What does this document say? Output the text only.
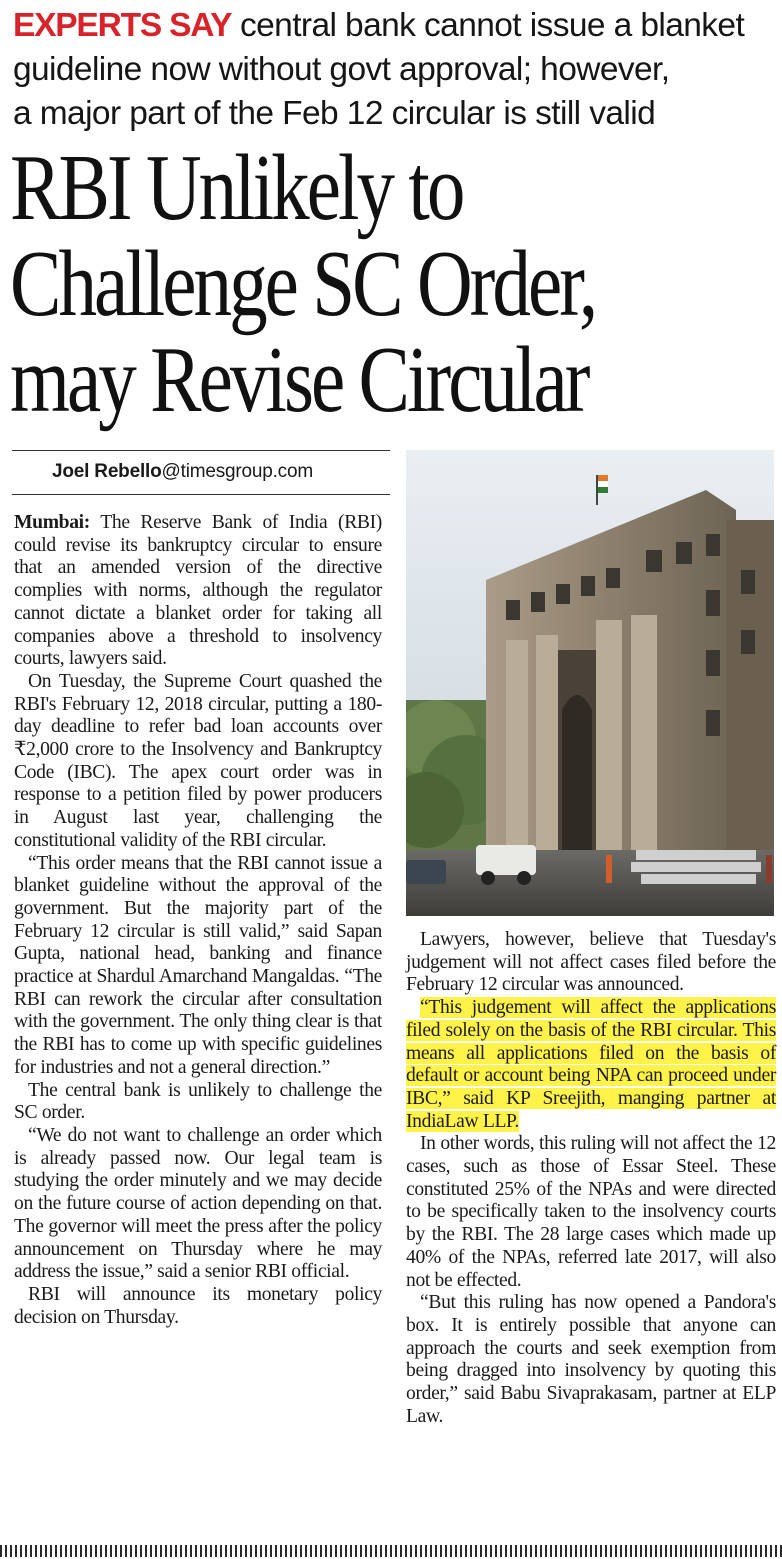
EXPERTS SAY central bank cannot issue a blanket
guideline now without govt approval; however,
a major part of the Feb 12 circular is still valid
RBI Unlikely to
Challenge SC Order,
may Revise Circular
Joel Rebello@timesgroup.com

Mumbai: The Reserve Bank of India (RBI) could revise its bankruptcy circular to ensure that an amended version of the directive complies with norms, although the regulator cannot dictate a blanket order for taking all companies above a threshold to insolvency courts, lawyers said.

On Tuesday, the Supreme Court quashed the RBI's February 12, 2018 circular, putting a 180-day deadline to refer bad loan accounts over ₹2,000 crore to the Insolvency and Bankruptcy Code (IBC). The apex court order was in response to a petition filed by power producers in August last year, challenging the constitutional validity of the RBI circular.

“This order means that the RBI cannot issue a blanket guideline without the approval of the government. But the majority part of the February 12 circular is still valid,” said Sapan Gupta, national head, banking and finance practice at Shardul Amarchand Mangaldas. “The RBI can rework the circular after consultation with the government. The only thing clear is that the RBI has to come up with specific guidelines for industries and not a general direction.”

The central bank is unlikely to challenge the SC order.

“We do not want to challenge an order which is already passed now. Our legal team is studying the order minutely and we may decide on the future course of action depending on that. The governor will meet the press after the policy announcement on Thursday where he may address the issue,” said a senior RBI official.

RBI will announce its monetary policy decision on Thursday.

Lawyers, however, believe that Tuesday's judgement will not affect cases filed before the February 12 circular was announced.

“This judgement will affect the applications filed solely on the basis of the RBI circular. This means all applications filed on the basis of default or account being NPA can proceed under IBC,” said KP Sreejith, manging partner at IndiaLaw LLP.

In other words, this ruling will not affect the 12 cases, such as those of Essar Steel. These constituted 25% of the NPAs and were directed to be specifically taken to the insolvency courts by the RBI. The 28 large cases which made up 40% of the NPAs, referred late 2017, will also not be effected.

“But this ruling has now opened a Pandora's box. It is entirely possible that anyone can approach the courts and seek exemption from being dragged into insolvency by quoting this order,” said Babu Sivaprakasam, partner at ELP Law.
